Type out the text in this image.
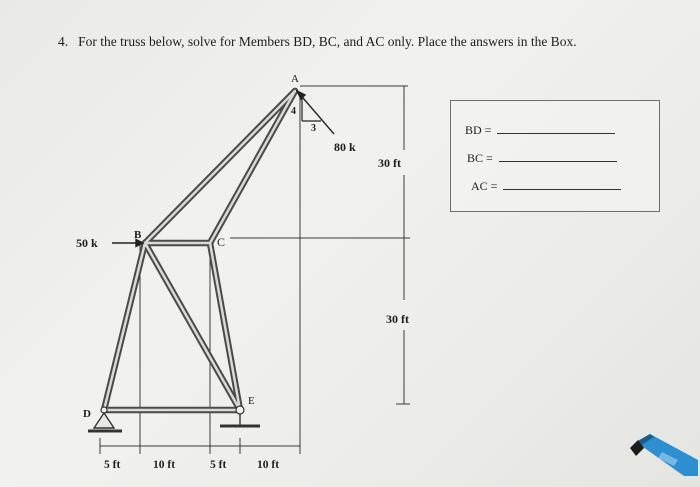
4. For the truss below, solve for Members BD, BC, and AC only. Place the answers in the Box.
A
B	C
D
E
4
3
50 k
80 k
30 ft
30 ft
5 ft	10 ft	5 ft	10 ft
BD =
BC =
AC =
